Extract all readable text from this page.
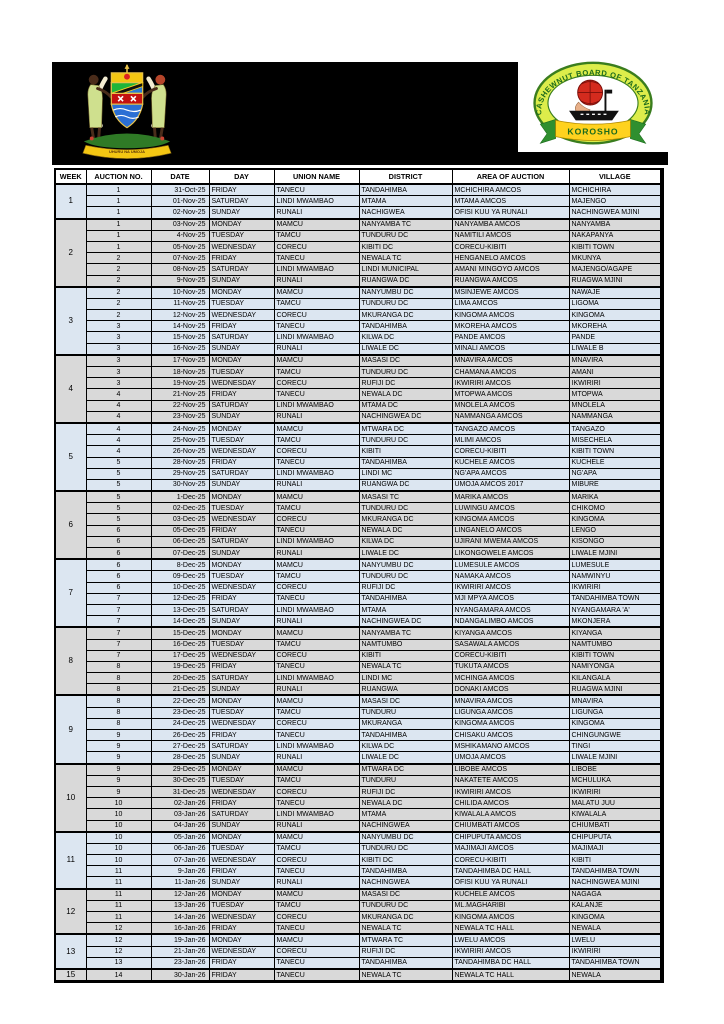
UHURU NA UMOJA
CASHEWNUT BOARD OF TANZANIA
KOROSHO
WEEK	AUCTION NO.	DATE	DAY	UNION NAME	DISTRICT	AREA OF AUCTION	VILLAGE
1	1	31-Oct-25	FRIDAY	TANECU	TANDAHIMBA	MCHICHIRA AMCOS	MCHICHIRA
	1	01-Nov-25	SATURDAY	LINDI MWAMBAO	MTAMA	MTAMA AMCOS	MAJENGO
	1	02-Nov-25	SUNDAY	RUNALI	NACHIGWEA	OFISI KUU YA RUNALI	NACHINGWEA MJINI
2	1	03-Nov-25	MONDAY	MAMCU	NANYAMBA TC	NANYAMBA AMCOS	NANYAMBA
	1	4-Nov-25	TUESDAY	TAMCU	TUNDURU DC	NAMITILI AMCOS	NAKAPANYA
	1	05-Nov-25	WEDNESDAY	CORECU	KIBITI DC	CORECU-KIBITI	KIBITI TOWN
	2	07-Nov-25	FRIDAY	TANECU	NEWALA TC	HENGANELO AMCOS	MKUNYA
	2	08-Nov-25	SATURDAY	LINDI MWAMBAO	LINDI MUNICIPAL	AMANI MINGOYO AMCOS	MAJENGO/AGAPE
	2	9-Nov-25	SUNDAY	RUNALI	RUANGWA DC	RUANGWA AMCOS	RUAGWA MJINI
3	2	10-Nov-25	MONDAY	MAMCU	NANYUMBU DC	MSINJEWE AMCOS	NAWAJE
	2	11-Nov-25	TUESDAY	TAMCU	TUNDURU DC	LIMA AMCOS	LIGOMA
	2	12-Nov-25	WEDNESDAY	CORECU	MKURANGA DC	KINGOMA AMCOS	KINGOMA
	3	14-Nov-25	FRIDAY	TANECU	TANDAHIMBA	MKOREHA AMCOS	MKOREHA
	3	15-Nov-25	SATURDAY	LINDI MWAMBAO	KILWA DC	PANDE AMCOS	PANDE
	3	16-Nov-25	SUNDAY	RUNALI	LIWALE DC	MINALI AMCOS	LIWALE B
4	3	17-Nov-25	MONDAY	MAMCU	MASASI DC	MNAVIRA AMCOS	MNAVIRA
	3	18-Nov-25	TUESDAY	TAMCU	TUNDURU DC	CHAMANA AMCOS	AMANI
	3	19-Nov-25	WEDNESDAY	CORECU	RUFIJI DC	IKWIRIRI AMCOS	IKWIRIRI
	4	21-Nov-25	FRIDAY	TANECU	NEWALA DC	MTOPWA AMCOS	MTOPWA
	4	22-Nov-25	SATURDAY	LINDI MWAMBAO	MTAMA DC	MNOLELA AMCOS	MNOLELA
	4	23-Nov-25	SUNDAY	RUNALI	NACHINGWEA DC	NAMMANGA AMCOS	NAMMANGA
5	4	24-Nov-25	MONDAY	MAMCU	MTWARA DC	TANGAZO AMCOS	TANGAZO
	4	25-Nov-25	TUESDAY	TAMCU	TUNDURU DC	MLIMI AMCOS	MISECHELA
	4	26-Nov-25	WEDNESDAY	CORECU	KIBITI	CORECU-KIBITI	KIBITI TOWN
	5	28-Nov-25	FRIDAY	TANECU	TANDAHIMBA	KUCHELE AMCOS	KUCHELE
	5	29-Nov-25	SATURDAY	LINDI MWAMBAO	LINDI MC	NG'APA AMCOS	NG'APA
	5	30-Nov-25	SUNDAY	RUNALI	RUANGWA DC	UMOJA AMCOS 2017	MIBURE
6	5	1-Dec-25	MONDAY	MAMCU	MASASI TC	MARIKA AMCOS	MARIKA
	5	02-Dec-25	TUESDAY	TAMCU	TUNDURU DC	LUWINGU AMCOS	CHIKOMO
	5	03-Dec-25	WEDNESDAY	CORECU	MKURANGA DC	KINGOMA AMCOS	KINGOMA
	6	05-Dec-25	FRIDAY	TANECU	NEWALA DC	LINGANELO AMCOS	LENGO
	6	06-Dec-25	SATURDAY	LINDI MWAMBAO	KILWA DC	UJIRANI MWEMA AMCOS	KISONGO
	6	07-Dec-25	SUNDAY	RUNALI	LIWALE DC	LIKONGOWELE AMCOS	LIWALE MJINI
7	6	8-Dec-25	MONDAY	MAMCU	NANYUMBU DC	LUMESULE AMCOS	LUMESULE
	6	09-Dec-25	TUESDAY	TAMCU	TUNDURU DC	NAMAKA AMCOS	NAMWINYU
	6	10-Dec-25	WEDNESDAY	CORECU	RUFIJI DC	IKWIRIRI AMCOS	IKWIRIRI
	7	12-Dec-25	FRIDAY	TANECU	TANDAHIMBA	MJI MPYA AMCOS	TANDAHIMBA TOWN
	7	13-Dec-25	SATURDAY	LINDI MWAMBAO	MTAMA	NYANGAMARA AMCOS	NYANGAMARA 'A'
	7	14-Dec-25	SUNDAY	RUNALI	NACHINGWEA DC	NDANGALIMBO AMCOS	MKONJERA
8	7	15-Dec-25	MONDAY	MAMCU	NANYAMBA TC	KIYANGA AMCOS	KIYANGA
	7	16-Dec-25	TUESDAY	TAMCU	NAMTUMBO	SASAWALA AMCOS	NAMTUMBO
	7	17-Dec-25	WEDNESDAY	CORECU	KIBITI	CORECU-KIBITI	KIBITI TOWN
	8	19-Dec-25	FRIDAY	TANECU	NEWALA TC	TUKUTA AMCOS	NAMIYONGA
	8	20-Dec-25	SATURDAY	LINDI MWAMBAO	LINDI MC	MCHINGA AMCOS	KILANGALA
	8	21-Dec-25	SUNDAY	RUNALI	RUANGWA	DONAKI AMCOS	RUAGWA MJINI
9	8	22-Dec-25	MONDAY	MAMCU	MASASI DC	MNAVIRA AMCOS	MNAVIRA
	8	23-Dec-25	TUESDAY	TAMCU	TUNDURU	LIGUNGA AMCOS	LIGUNGA
	8	24-Dec-25	WEDNESDAY	CORECU	MKURANGA	KINGOMA AMCOS	KINGOMA
	9	26-Dec-25	FRIDAY	TANECU	TANDAHIMBA	CHISAKU AMCOS	CHINGUNGWE
	9	27-Dec-25	SATURDAY	LINDI MWAMBAO	KILWA DC	MSHIKAMANO AMCOS	TINGI
	9	28-Dec-25	SUNDAY	RUNALI	LIWALE DC	UMOJA AMCOS	LIWALE MJINI
10	9	29-Dec-25	MONDAY	MAMCU	MTWARA DC	LIBOBE AMCOS	LIBOBE
	9	30-Dec-25	TUESDAY	TAMCU	TUNDURU	NAKATETE AMCOS	MCHULUKA
	9	31-Dec-25	WEDNESDAY	CORECU	RUFIJI DC	IKWIRIRI AMCOS	IKWIRIRI
	10	02-Jan-26	FRIDAY	TANECU	NEWALA DC	CHILIDA AMCOS	MALATU JUU
	10	03-Jan-26	SATURDAY	LINDI MWAMBAO	MTAMA	KIWALALA AMCOS	KIWALALA
	10	04-Jan-26	SUNDAY	RUNALI	NACHINGWEA	CHIUMBATI AMCOS	CHIUMBATI
11	10	05-Jan-26	MONDAY	MAMCU	NANYUMBU DC	CHIPUPUTA AMCOS	CHIPUPUTA
	10	06-Jan-26	TUESDAY	TAMCU	TUNDURU DC	MAJIMAJI AMCOS	MAJIMAJI
	10	07-Jan-26	WEDNESDAY	CORECU	KIBITI DC	CORECU-KIBITI	KIBITI
	11	9-Jan-26	FRIDAY	TANECU	TANDAHIMBA	TANDAHIMBA DC HALL	TANDAHIMBA TOWN
	11	11-Jan-26	SUNDAY	RUNALI	NACHINGWEA	OFISI KUU YA RUNALI	NACHINGWEA MJINI
12	11	12-Jan-26	MONDAY	MAMCU	MASASI DC	KUCHELE AMCOS	NAGAGA
	11	13-Jan-26	TUESDAY	TAMCU	TUNDURU DC	ML.MAGHARIBI	KALANJE
	11	14-Jan-26	WEDNESDAY	CORECU	MKURANGA DC	KINGOMA AMCOS	KINGOMA
	12	16-Jan-26	FRIDAY	TANECU	NEWALA TC	NEWALA TC HALL	NEWALA
13	12	19-Jan-26	MONDAY	MAMCU	MTWARA TC	LWELU AMCOS	LWELU
	12	21-Jan-26	WEDNESDAY	CORECU	RUFIJI DC	IKWIRIRI AMCOS	IKWIRIRI
	13	23-Jan-26	FRIDAY	TANECU	TANDAHIMBA	TANDAHIMBA DC HALL	TANDAHIMBA TOWN
15	14	30-Jan-26	FRIDAY	TANECU	NEWALA TC	NEWALA TC HALL	NEWALA
